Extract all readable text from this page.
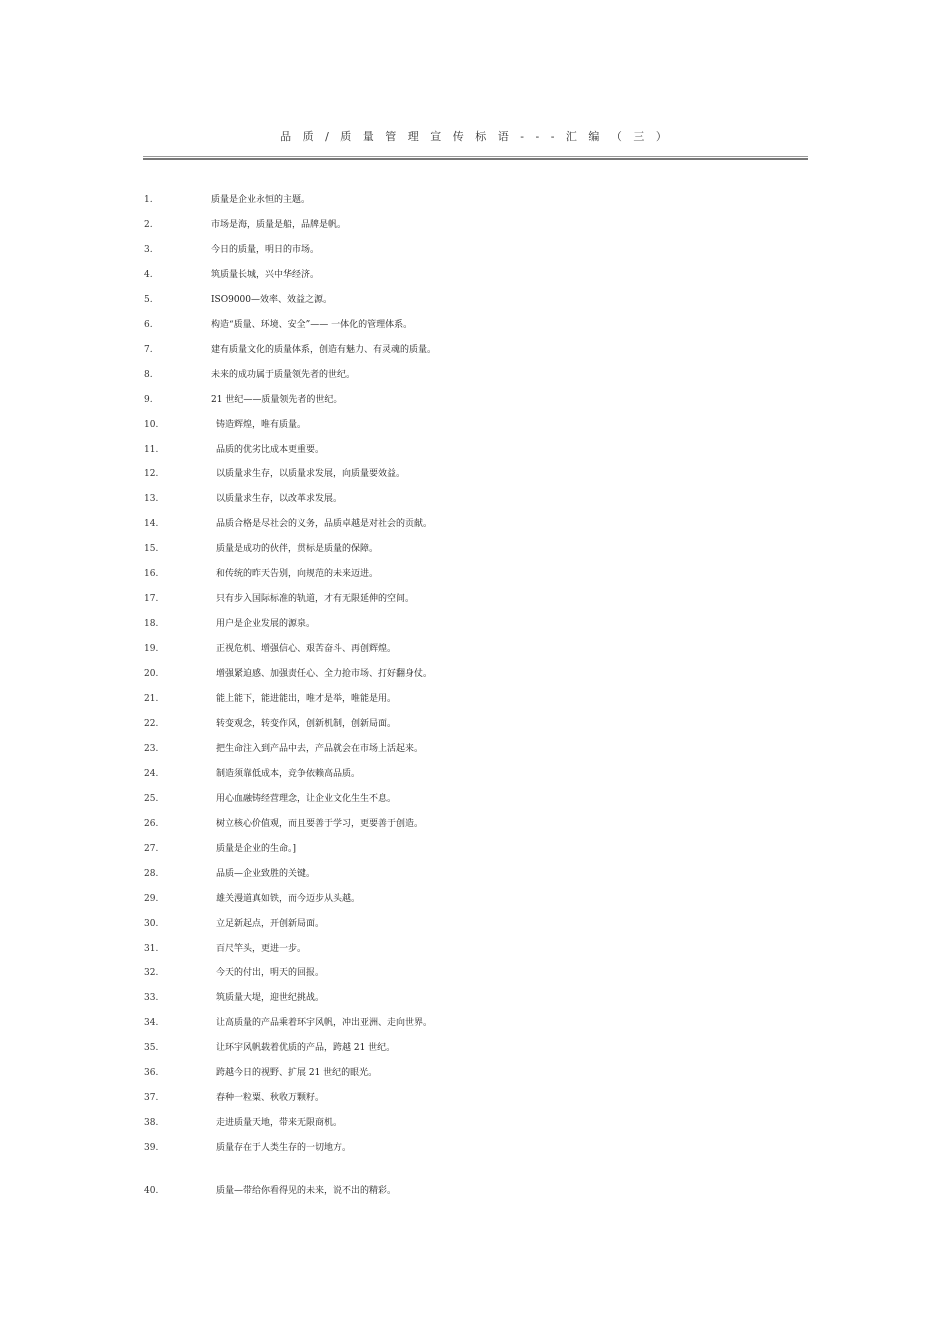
品 质 / 质 量 管 理 宣 传 标 语 - - - 汇 编 （ 三 ）
1.	质量是企业永恒的主题。
2.	市场是海，质量是船，品牌是帆。
3.	今日的质量，明日的市场。
4.	筑质量长城，兴中华经济。
5.	ISO9000—效率、效益之源。
6.	构造“质量、环境、安全”—— 一体化的管理体系。
7.	建有质量文化的质量体系，创造有魅力、有灵魂的质量。
8.	未来的成功属于质量领先者的世纪。
9.	21 世纪——质量领先者的世纪。
10.	铸造辉煌，唯有质量。
11.	品质的优劣比成本更重要。
12.	以质量求生存，以质量求发展，向质量要效益。
13.	以质量求生存，以改革求发展。
14.	品质合格是尽社会的义务，品质卓越是对社会的贡献。
15.	质量是成功的伙伴，贯标是质量的保障。
16.	和传统的昨天告别，向规范的未来迈进。
17.	只有步入国际标准的轨道，才有无限延伸的空间。
18.	用户是企业发展的源泉。
19.	正视危机、增强信心、艰苦奋斗、再创辉煌。
20.	增强紧迫感、加强责任心、全力抢市场、打好翻身仗。
21.	能上能下，能进能出，唯才是举，唯能是用。
22.	转变观念，转变作风，创新机制，创新局面。
23.	把生命注入到产品中去，产品就会在市场上活起来。
24.	制造须靠低成本，竞争依赖高品质。
25.	用心血融铸经营理念，让企业文化生生不息。
26.	树立核心价值观，而且要善于学习，更要善于创造。
27.	质量是企业的生命。]
28.	品质—企业致胜的关键。
29.	雄关漫道真如铁，而今迈步从头越。
30.	立足新起点，开创新局面。
31.	百尺竿头，更进一步。
32.	今天的付出，明天的回报。
33.	筑质量大堤，迎世纪挑战。
34.	让高质量的产品乘着环宇风帆，冲出亚洲、走向世界。
35.	让环宇风帆载着优质的产品，跨越 21 世纪。
36.	跨越今日的视野、扩展 21 世纪的眼光。
37.	春种一粒粟、秋收万颗籽。
38.	走进质量天地，带来无限商机。
39.	质量存在于人类生存的一切地方。
40.	质量—带给你看得见的未来，说不出的精彩。
